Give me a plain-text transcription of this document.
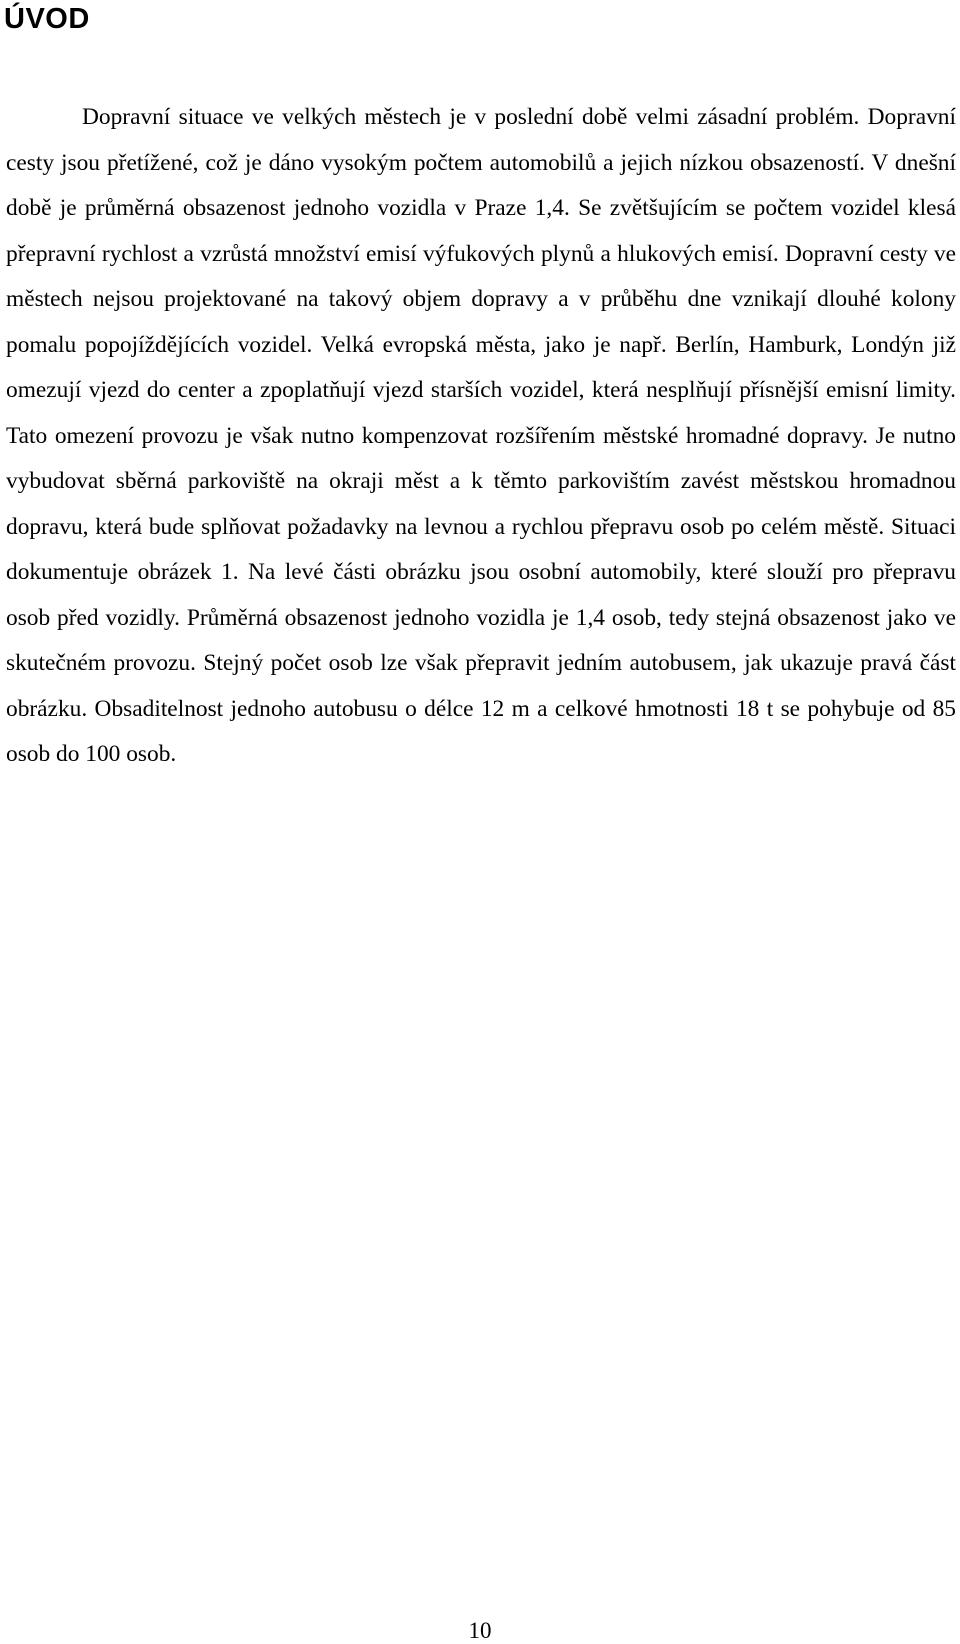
ÚVOD

Dopravní situace ve velkých městech je v poslední době velmi zásadní problém. Dopravní cesty jsou přetížené, což je dáno vysokým počtem automobilů a jejich nízkou obsazeností. V dnešní době je průměrná obsazenost jednoho vozidla v Praze 1,4. Se zvětšujícím se počtem vozidel klesá přepravní rychlost a vzrůstá množství emisí výfukových plynů a hlukových emisí. Dopravní cesty ve městech nejsou projektované na takový objem dopravy a v průběhu dne vznikají dlouhé kolony pomalu popojíždějících vozidel. Velká evropská města, jako je např. Berlín, Hamburk, Londýn již omezují vjezd do center a zpoplatňují vjezd starších vozidel, která nesplňují přísnější emisní limity. Tato omezení provozu je však nutno kompenzovat rozšířením městské hromadné dopravy. Je nutno vybudovat sběrná parkoviště na okraji měst a k těmto parkovištím zavést městskou hromadnou dopravu, která bude splňovat požadavky na levnou a rychlou přepravu osob po celém městě. Situaci dokumentuje obrázek 1. Na levé části obrázku jsou osobní automobily, které slouží pro přepravu osob před vozidly. Průměrná obsazenost jednoho vozidla je 1,4 osob, tedy stejná obsazenost jako ve skutečném provozu. Stejný počet osob lze však přepravit jedním autobusem, jak ukazuje pravá část obrázku. Obsaditelnost jednoho autobusu o délce 12 m a celkové hmotnosti 18 t se pohybuje od 85 osob do 100 osob.

10
